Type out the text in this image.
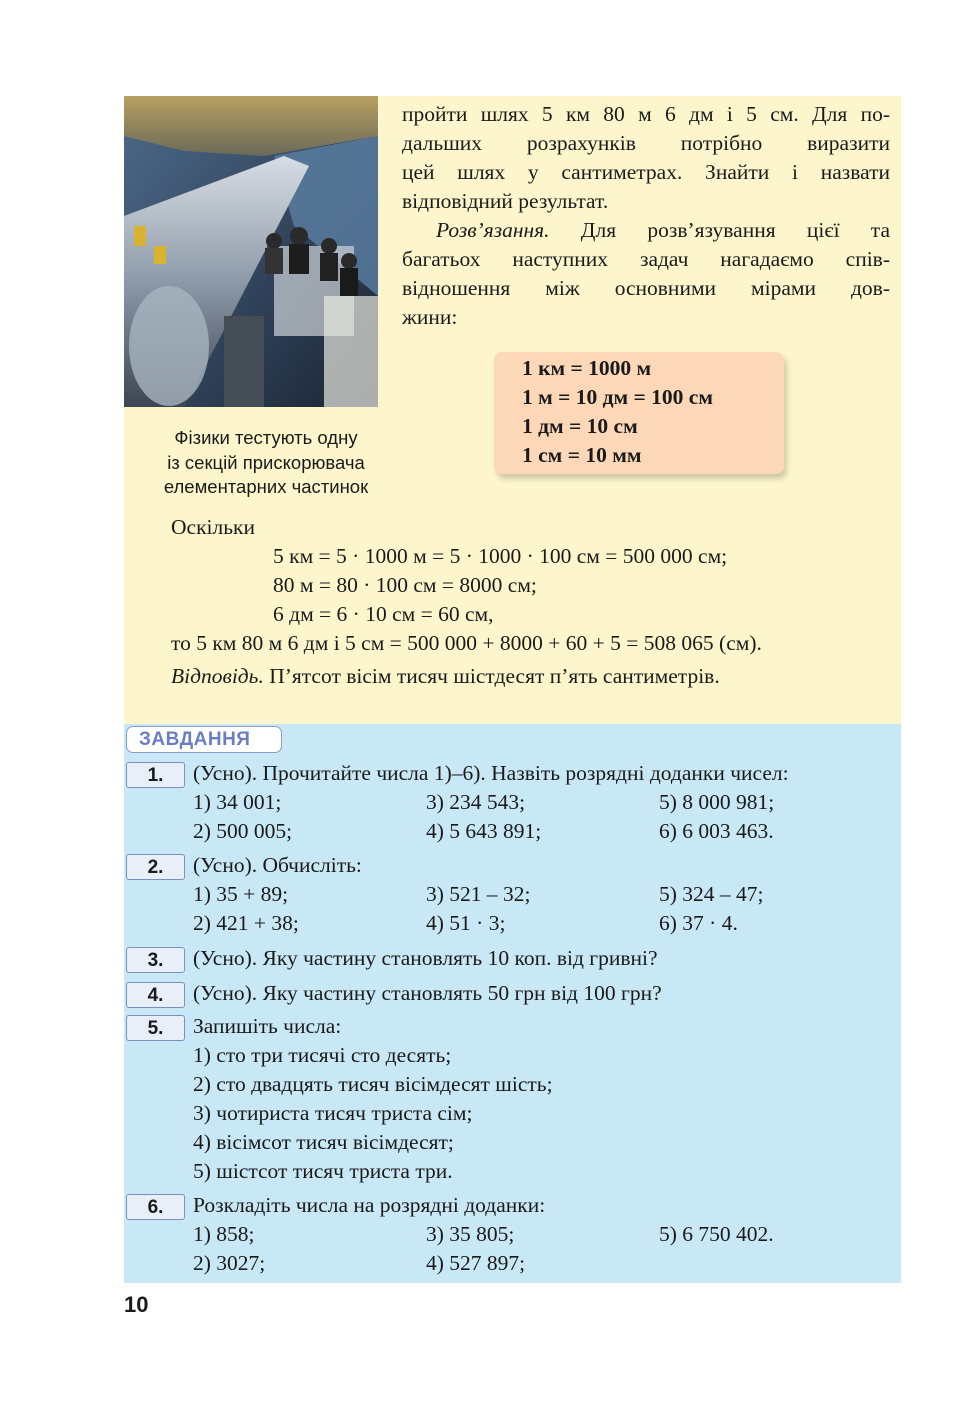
Фізики тестують одну
із секцій прискорювача
елементарних частинок
пройти шлях 5 км 80 м 6 дм і 5 см. Для по-
дальших розрахунків потрібно виразити
цей шлях у сантиметрах. Знайти і назвати
відповідний результат.
Розв’язання. Для розв’язування цієї та
багатьох наступних задач нагадаємо спів-
відношення між основними мірами дов-
жини:
1 км = 1000 м
1 м = 10 дм = 100 см
1 дм = 10 см
1 см = 10 мм
Оскільки
5 км = 5 · 1000 м = 5 · 1000 · 100 см = 500 000 см;
80 м = 80 · 100 см = 8000 см;
6 дм = 6 · 10 см = 60 см,
то 5 км 80 м 6 дм і 5 см = 500 000 + 8000 + 60 + 5 = 508 065 (см).
Відповідь. П’ятсот вісім тисяч шістдесят п’ять сантиметрів.
ЗАВДАННЯ
1.	(Усно). Прочитайте числа 1)–6). Назвіть розрядні доданки чисел:
1) 34 001;	3) 234 543;	5) 8 000 981;
2) 500 005;	4) 5 643 891;	6) 6 003 463.
2.	(Усно). Обчисліть:
1) 35 + 89;	3) 521 – 32;	5) 324 – 47;
2) 421 + 38;	4) 51 · 3;	6) 37 · 4.
3.	(Усно). Яку частину становлять 10 коп. від гривні?
4.	(Усно). Яку частину становлять 50 грн від 100 грн?
5.	Запишіть числа:
1) сто три тисячі сто десять;
2) сто двадцять тисяч вісімдесят шість;
3) чотириста тисяч триста сім;
4) вісімсот тисяч вісімдесят;
5) шістсот тисяч триста три.
6.	Розкладіть числа на розрядні доданки:
1) 858;	3) 35 805;	5) 6 750 402.
2) 3027;	4) 527 897;
10
